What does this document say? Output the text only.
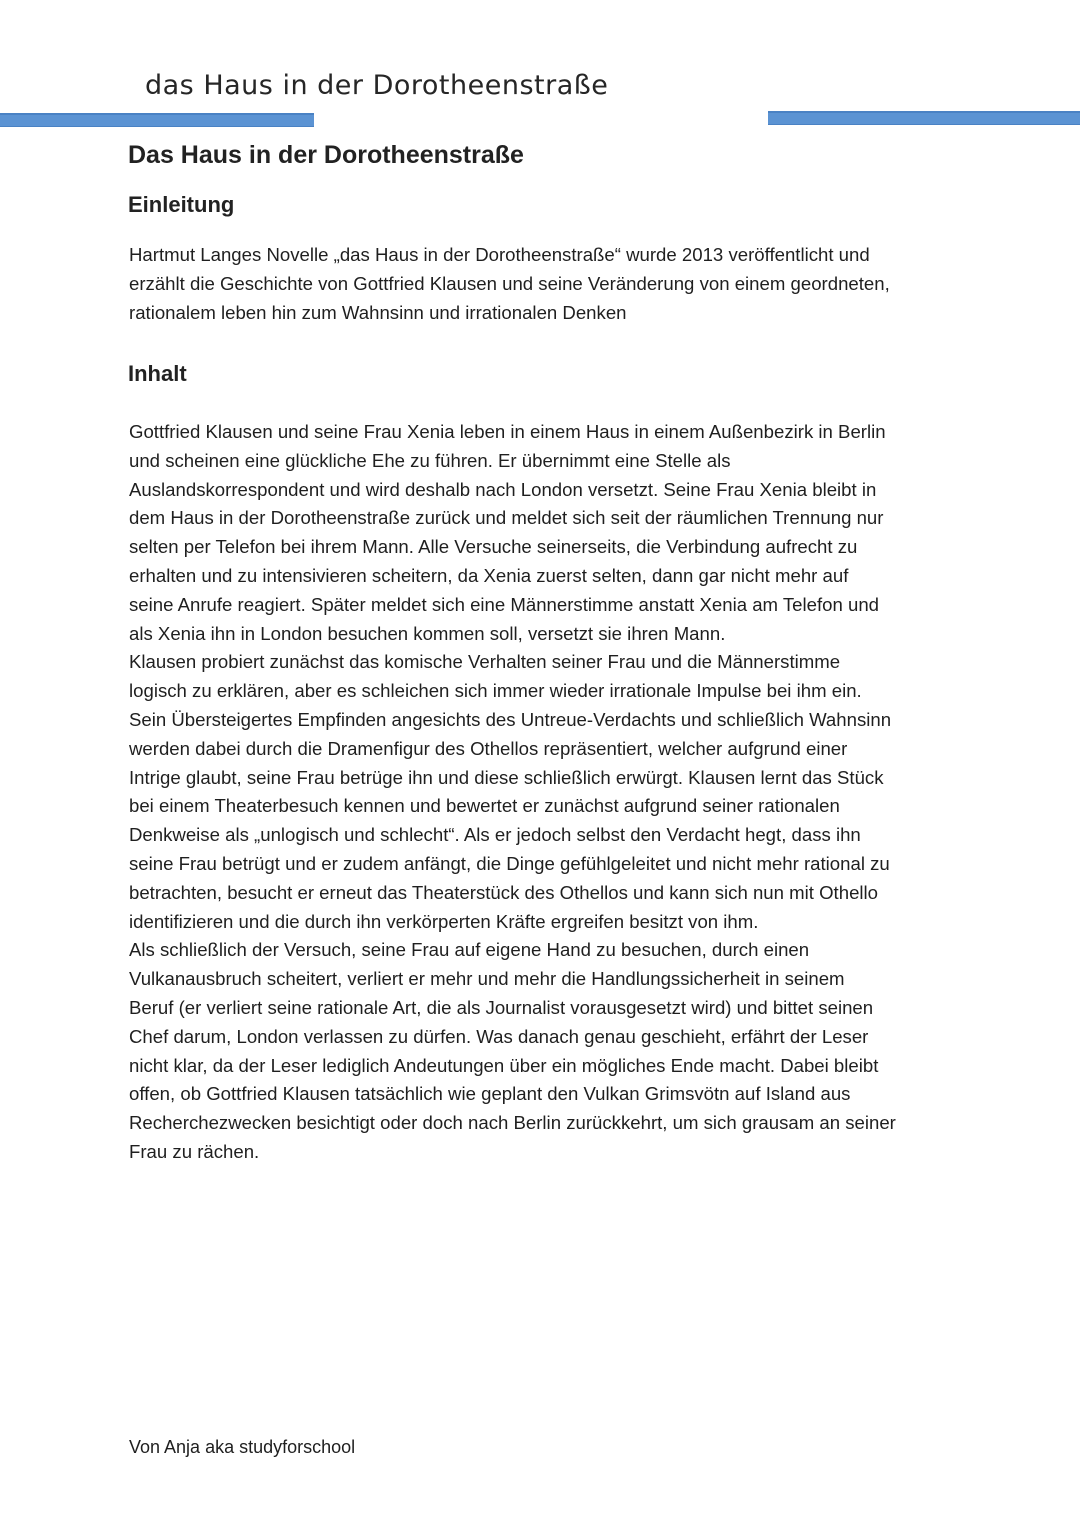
das Haus in der Dorotheenstraße
Das Haus in der Dorotheenstraße
Einleitung

Hartmut Langes Novelle „das Haus in der Dorotheenstraße“ wurde 2013 veröffentlicht und
erzählt die Geschichte von Gottfried Klausen und seine Veränderung von einem geordneten,
rationalem leben hin zum Wahnsinn und irrationalen Denken

Inhalt

Gottfried Klausen und seine Frau Xenia leben in einem Haus in einem Außenbezirk in Berlin
und scheinen eine glückliche Ehe zu führen. Er übernimmt eine Stelle als
Auslandskorrespondent und wird deshalb nach London versetzt. Seine Frau Xenia bleibt in
dem Haus in der Dorotheenstraße zurück und meldet sich seit der räumlichen Trennung nur
selten per Telefon bei ihrem Mann. Alle Versuche seinerseits, die Verbindung aufrecht zu
erhalten und zu intensivieren scheitern, da Xenia zuerst selten, dann gar nicht mehr auf
seine Anrufe reagiert. Später meldet sich eine Männerstimme anstatt Xenia am Telefon und
als Xenia ihn in London besuchen kommen soll, versetzt sie ihren Mann.
Klausen probiert zunächst das komische Verhalten seiner Frau und die Männerstimme
logisch zu erklären, aber es schleichen sich immer wieder irrationale Impulse bei ihm ein.
Sein Übersteigertes Empfinden angesichts des Untreue-Verdachts und schließlich Wahnsinn
werden dabei durch die Dramenfigur des Othellos repräsentiert, welcher aufgrund einer
Intrige glaubt, seine Frau betrüge ihn und diese schließlich erwürgt. Klausen lernt das Stück
bei einem Theaterbesuch kennen und bewertet er zunächst aufgrund seiner rationalen
Denkweise als „unlogisch und schlecht“. Als er jedoch selbst den Verdacht hegt, dass ihn
seine Frau betrügt und er zudem anfängt, die Dinge gefühlgeleitet und nicht mehr rational zu
betrachten, besucht er erneut das Theaterstück des Othellos und kann sich nun mit Othello
identifizieren und die durch ihn verkörperten Kräfte ergreifen besitzt von ihm.
Als schließlich der Versuch, seine Frau auf eigene Hand zu besuchen, durch einen
Vulkanausbruch scheitert, verliert er mehr und mehr die Handlungssicherheit in seinem
Beruf (er verliert seine rationale Art, die als Journalist vorausgesetzt wird) und bittet seinen
Chef darum, London verlassen zu dürfen. Was danach genau geschieht, erfährt der Leser
nicht klar, da der Leser lediglich Andeutungen über ein mögliches Ende macht. Dabei bleibt
offen, ob Gottfried Klausen tatsächlich wie geplant den Vulkan Grimsvötn auf Island aus
Recherchezwecken besichtigt oder doch nach Berlin zurückkehrt, um sich grausam an seiner
Frau zu rächen.

Von Anja aka studyforschool
